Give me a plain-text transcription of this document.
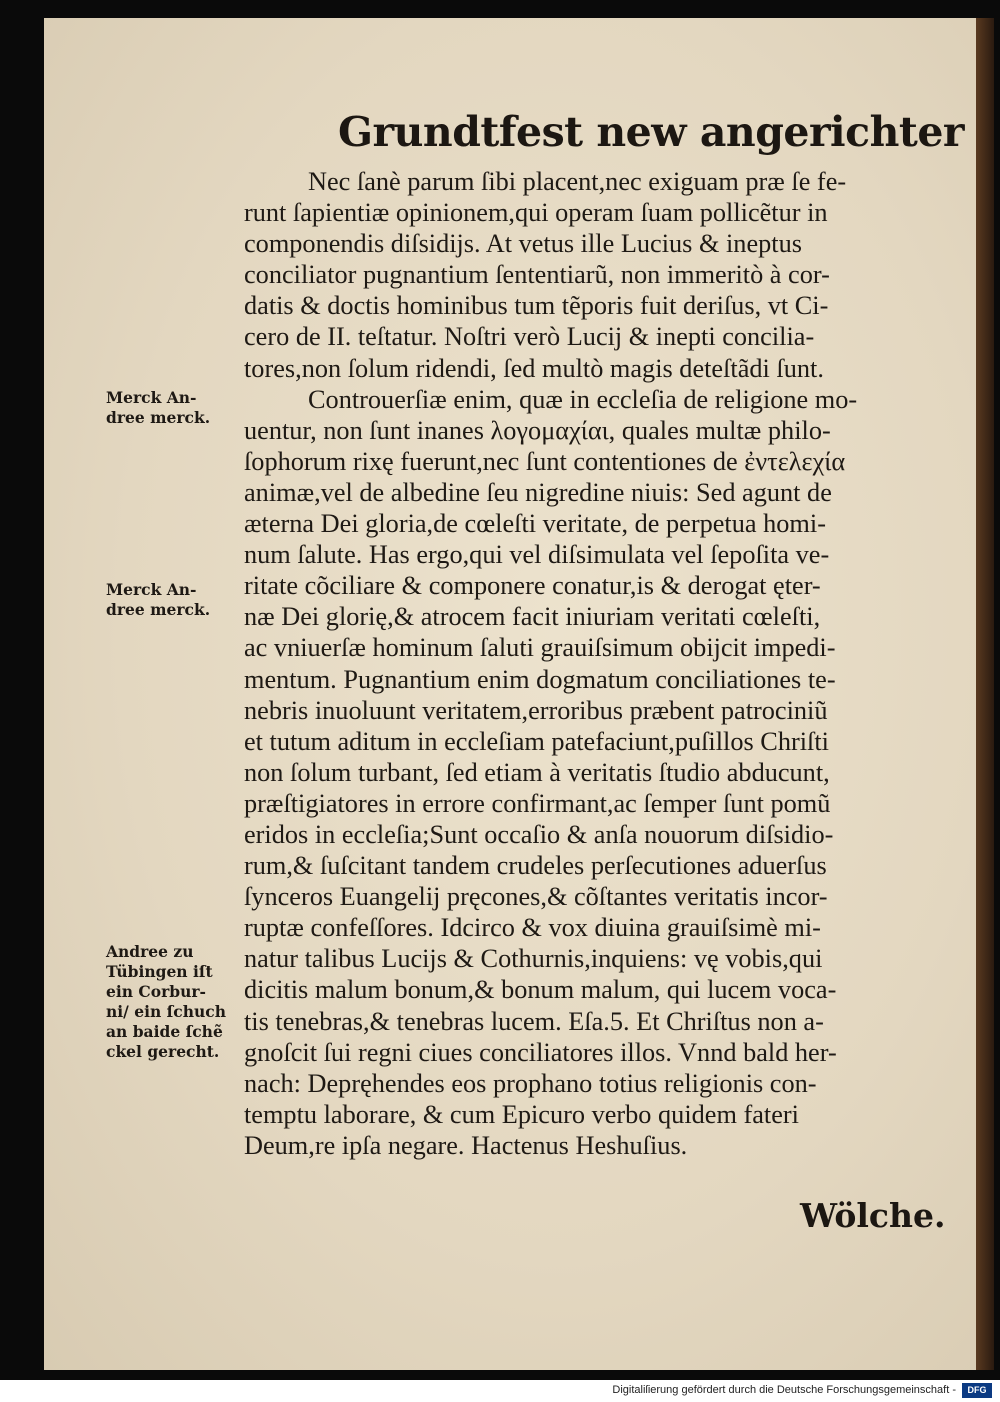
Grundtfest new angerichter
Nec ſanè parum ſibi placent,nec exiguam præ ſe fe-
runt ſapientiæ opinionem,qui operam ſuam pollicẽtur in
componendis diſsidĳs. At vetus ille Lucius & ineptus
conciliator pugnantium ſententiarũ, non immeritò à cor-
datis & doctis hominibus tum tẽporis fuit deriſus, vt Ci-
cero de II. teſtatur. Noſtri verò Lucĳ & inepti concilia-
tores,non ſolum ridendi, ſed multò magis deteſtãdi ſunt.
Controuerſiæ enim, quæ in eccleſia de religione mo-
uentur, non ſunt inanes λογομαχίαι, quales multæ philo-
ſophorum rixę fuerunt,nec ſunt contentiones de ἐντελεχία
animæ,vel de albedine ſeu nigredine niuis: Sed agunt de
æterna Dei gloria,de cœleſti veritate, de perpetua homi-
num ſalute. Has ergo,qui vel diſsimulata vel ſepoſita ve-
ritate cõciliare & componere conatur,is & derogat ęter-
næ Dei glorię,& atrocem facit iniuriam veritati cœleſti,
ac vniuerſæ hominum ſaluti grauiſsimum obĳcit impedi-
mentum. Pugnantium enim dogmatum conciliationes te-
nebris inuoluunt veritatem,erroribus præbent patrociniũ
et tutum aditum in eccleſiam patefaciunt,puſillos Chriſti
non ſolum turbant, ſed etiam à veritatis ſtudio abducunt,
præſtigiatores in errore confirmant,ac ſemper ſunt pomũ
eridos in eccleſia;Sunt occaſio & anſa nouorum diſsidio-
rum,& ſuſcitant tandem crudeles perſecutiones aduerſus
ſynceros Euangelĳ pręcones,& cõſtantes veritatis incor-
ruptæ confeſſores. Idcirco & vox diuina grauiſsimè mi-
natur talibus Lucĳs & Cothurnis,inquiens: vę vobis,qui
dicitis malum bonum,& bonum malum, qui lucem voca-
tis tenebras,& tenebras lucem. Eſa.5. Et Chriſtus non a-
gnoſcit ſui regni ciues conciliatores illos. Vnnd bald her-
nach: Depręhendes eos prophano totius religionis con-
temptu laborare, & cum Epicuro verbo quidem fateri
Deum,re ipſa negare. Hactenus Heshuſius.
Merck An-
dree merck.
Merck An-
dree merck.
Andree zu
Tübingen iſt
ein Corbur-
ni/ ein ſchuch
an baide ſchẽ
ckel gerecht.
Wölche.
Digitaliſierung gefördert durch die Deutsche Forschungsgemeinschaft -	DFG
